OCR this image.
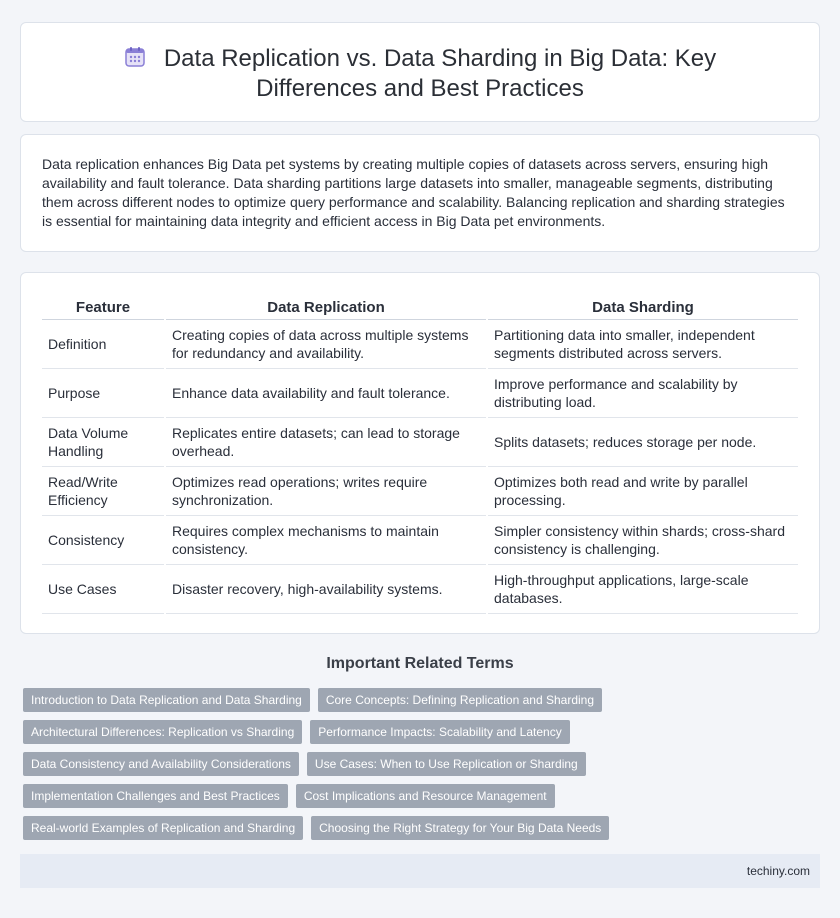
Data Replication vs. Data Sharding in Big Data: Key Differences and Best Practices

Data replication enhances Big Data pet systems by creating multiple copies of datasets across servers, ensuring high availability and fault tolerance. Data sharding partitions large datasets into smaller, manageable segments, distributing them across different nodes to optimize query performance and scalability. Balancing replication and sharding strategies is essential for maintaining data integrity and efficient access in Big Data pet environments.

Feature	Data Replication	Data Sharding
Definition	Creating copies of data across multiple systems for redundancy and availability.	Partitioning data into smaller, independent segments distributed across servers.
Purpose	Enhance data availability and fault tolerance.	Improve performance and scalability by distributing load.
Data Volume Handling	Replicates entire datasets; can lead to storage overhead.	Splits datasets; reduces storage per node.
Read/Write Efficiency	Optimizes read operations; writes require synchronization.	Optimizes both read and write by parallel processing.
Consistency	Requires complex mechanisms to maintain consistency.	Simpler consistency within shards; cross-shard consistency is challenging.
Use Cases	Disaster recovery, high-availability systems.	High-throughput applications, large-scale databases.
Important Related Terms
Introduction to Data Replication and Data Sharding	Core Concepts: Defining Replication and Sharding
Architectural Differences: Replication vs Sharding	Performance Impacts: Scalability and Latency
Data Consistency and Availability Considerations	Use Cases: When to Use Replication or Sharding
Implementation Challenges and Best Practices	Cost Implications and Resource Management
Real-world Examples of Replication and Sharding	Choosing the Right Strategy for Your Big Data Needs
techiny.com
